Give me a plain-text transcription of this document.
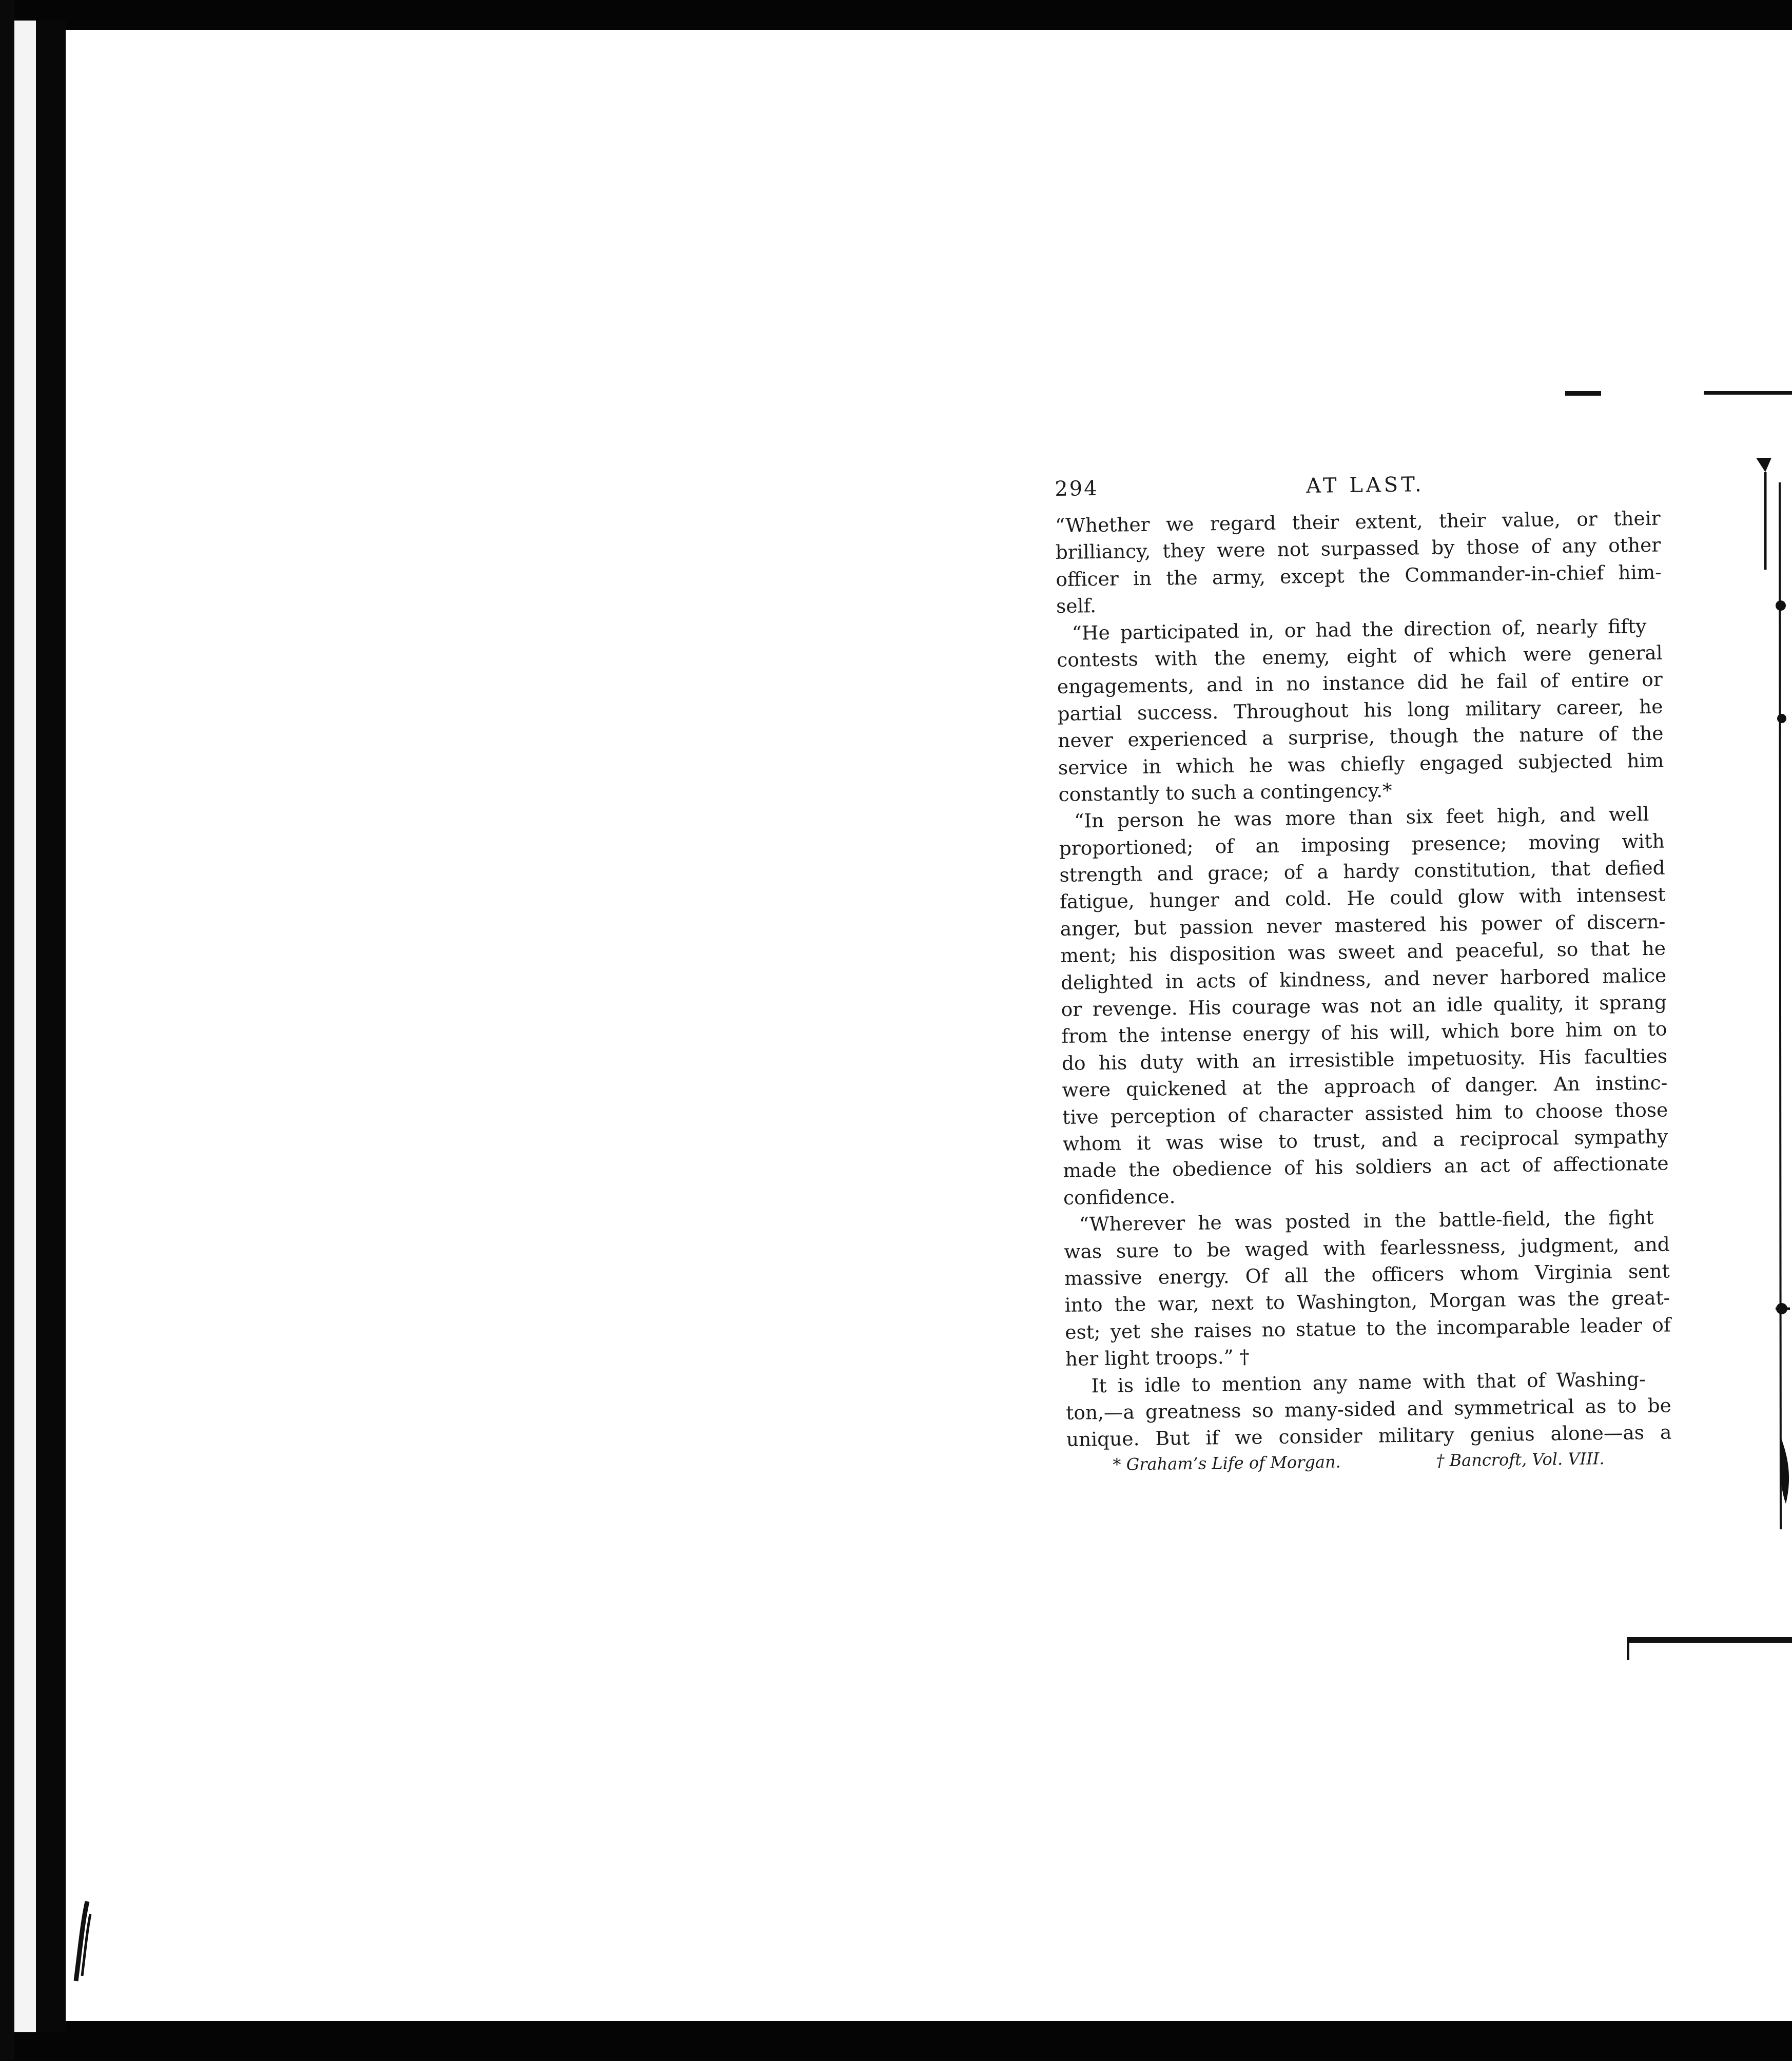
294	AT LAST.
“Whether we regard their extent, their value, or their
brilliancy, they were not surpassed by those of any other
officer in the army, except the Commander-in-chief him-
self.
“He participated in, or had the direction of, nearly fifty
contests with the enemy, eight of which were general
engagements, and in no instance did he fail of entire or
partial success. Throughout his long military career, he
never experienced a surprise, though the nature of the
service in which he was chiefly engaged subjected him
constantly to such a contingency.*
“In person he was more than six feet high, and well
proportioned; of an imposing presence; moving with
strength and grace; of a hardy constitution, that defied
fatigue, hunger and cold. He could glow with intensest
anger, but passion never mastered his power of discern-
ment; his disposition was sweet and peaceful, so that he
delighted in acts of kindness, and never harbored malice
or revenge. His courage was not an idle quality, it sprang
from the intense energy of his will, which bore him on to
do his duty with an irresistible impetuosity. His faculties
were quickened at the approach of danger. An instinc-
tive perception of character assisted him to choose those
whom it was wise to trust, and a reciprocal sympathy
made the obedience of his soldiers an act of affectionate
confidence.
“Wherever he was posted in the battle-field, the fight
was sure to be waged with fearlessness, judgment, and
massive energy. Of all the officers whom Virginia sent
into the war, next to Washington, Morgan was the great-
est; yet she raises no statue to the incomparable leader of
her light troops.” †
It is idle to mention any name with that of Washing-
ton,—a greatness so many-sided and symmetrical as to be
unique. But if we consider military genius alone—as a
* Graham’s Life of Morgan.	† Bancroft, Vol. VIII.
